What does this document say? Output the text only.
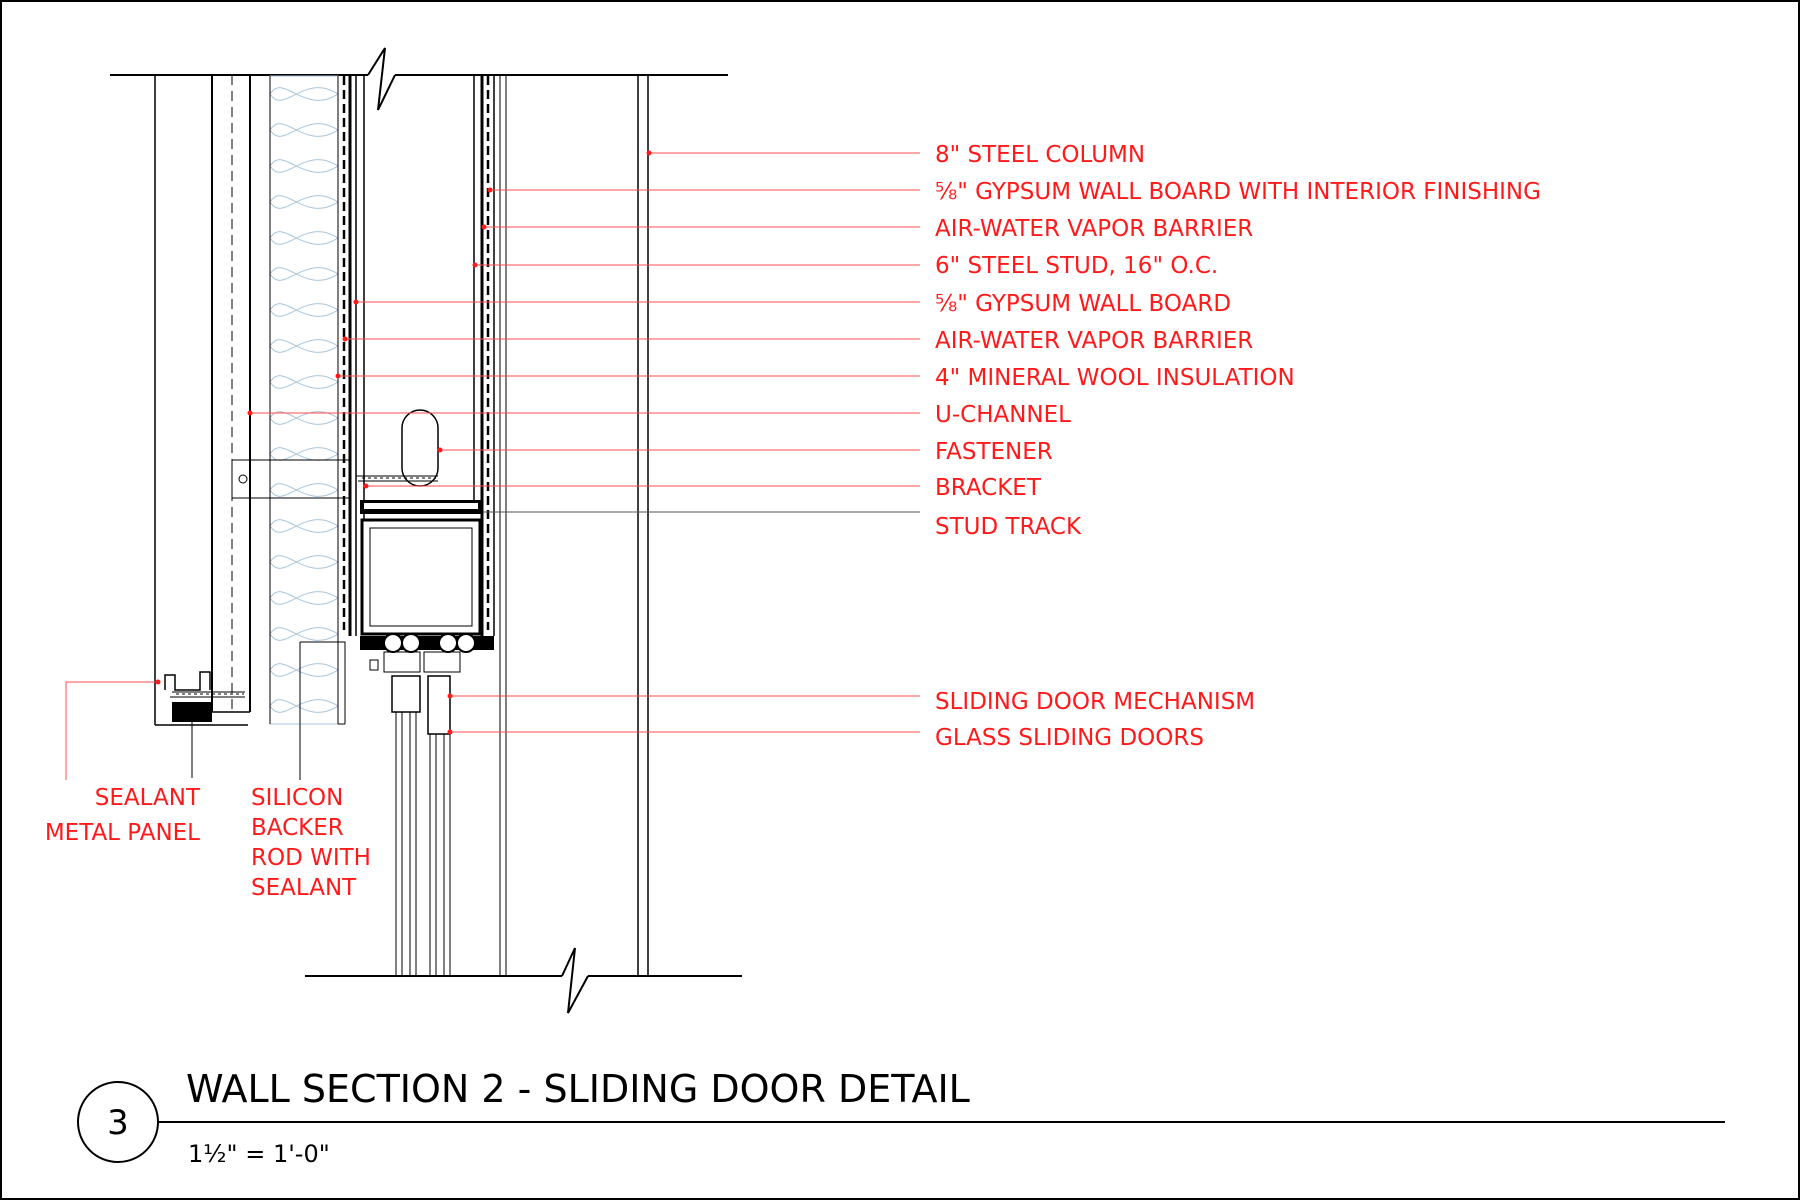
8" STEEL COLUMN
⅝" GYPSUM WALL BOARD WITH INTERIOR FINISHING
AIR-WATER VAPOR BARRIER
6" STEEL STUD, 16" O.C.
⅝" GYPSUM WALL BOARD
AIR-WATER VAPOR BARRIER
4" MINERAL WOOL INSULATION
U-CHANNEL
FASTENER
BRACKET
STUD TRACK
SLIDING DOOR MECHANISM
GLASS SLIDING DOORS
SEALANT
METAL PANEL
SILICON
BACKER
ROD WITH
SEALANT
3
WALL SECTION 2 - SLIDING DOOR DETAIL
1½" = 1'-0"
